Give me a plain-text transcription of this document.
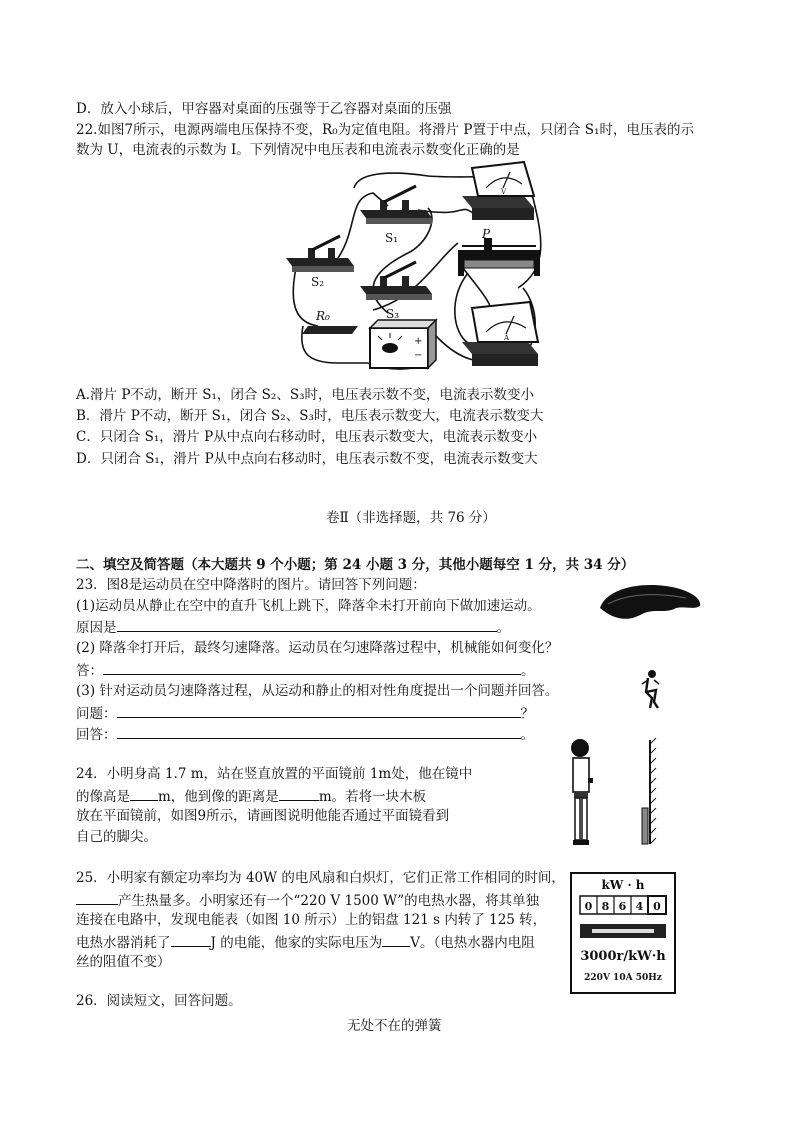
D．放入小球后，甲容器对桌面的压强等于乙容器对桌面的压强
22.如图7所示，电源两端电压保持不变，R₀为定值电阻。将滑片 P置于中点，只闭合 S₁时，电压表的示
数为 U，电流表的示数为 I。下列情况中电压表和电流表示数变化正确的是
+
−
V
A
S₁
S₂
S₃
R₀
P
A.滑片 P不动，断开 S₁，闭合 S₂、S₃时，电压表示数不变，电流表示数变小
B．滑片 P不动，断开 S₁，闭合 S₂、S₃时，电压表示数变大，电流表示数变大
C．只闭合 S₁，滑片 P从中点向右移动时，电压表示数变大，电流表示数变小
D．只闭合 S₁，滑片 P从中点向右移动时，电压表示数不变，电流表示数变大
卷Ⅱ（非选择题，共 76 分）
二、填空及简答题（本大题共 9 个小题；第 24 小题 3 分，其他小题每空 1 分，共 34 分）
23．图8是运动员在空中降落时的图片。请回答下列问题：
(1)运动员从静止在空中的直升飞机上跳下，降落伞未打开前向下做加速运动。
原因是	。
(2) 降落伞打开后，最终匀速降落。运动员在匀速降落过程中，机械能如何变化？
答：	。
(3) 针对运动员匀速降落过程，从运动和静止的相对性角度提出一个问题并回答。
问题：	？
回答：	。
24．小明身高 1.7 m，站在竖直放置的平面镜前 1m处，他在镜中
的像高是 m，他到像的距离是	m。若将一块木板
放在平面镜前，如图9所示，请画图说明他能否通过平面镜看到
自己的脚尖。
25．小明家有额定功率均为 40W 的电风扇和白炽灯，它们正常工作相同的时间，
产生热量多。小明家还有一个“220 V 1500 W”的电热水器，将其单独
连接在电路中，发现电能表（如图 10 所示）上的铝盘 121 s 内转了 125 转，
电热水器消耗了	J 的电能，他家的实际电压为 V。（电热水器内电阻
丝的阻值不变）
kW · h
0 8 6 4 0
3000r/kW·h
220V 10A 50Hz
26．阅读短文，回答问题。
无处不在的弹簧
